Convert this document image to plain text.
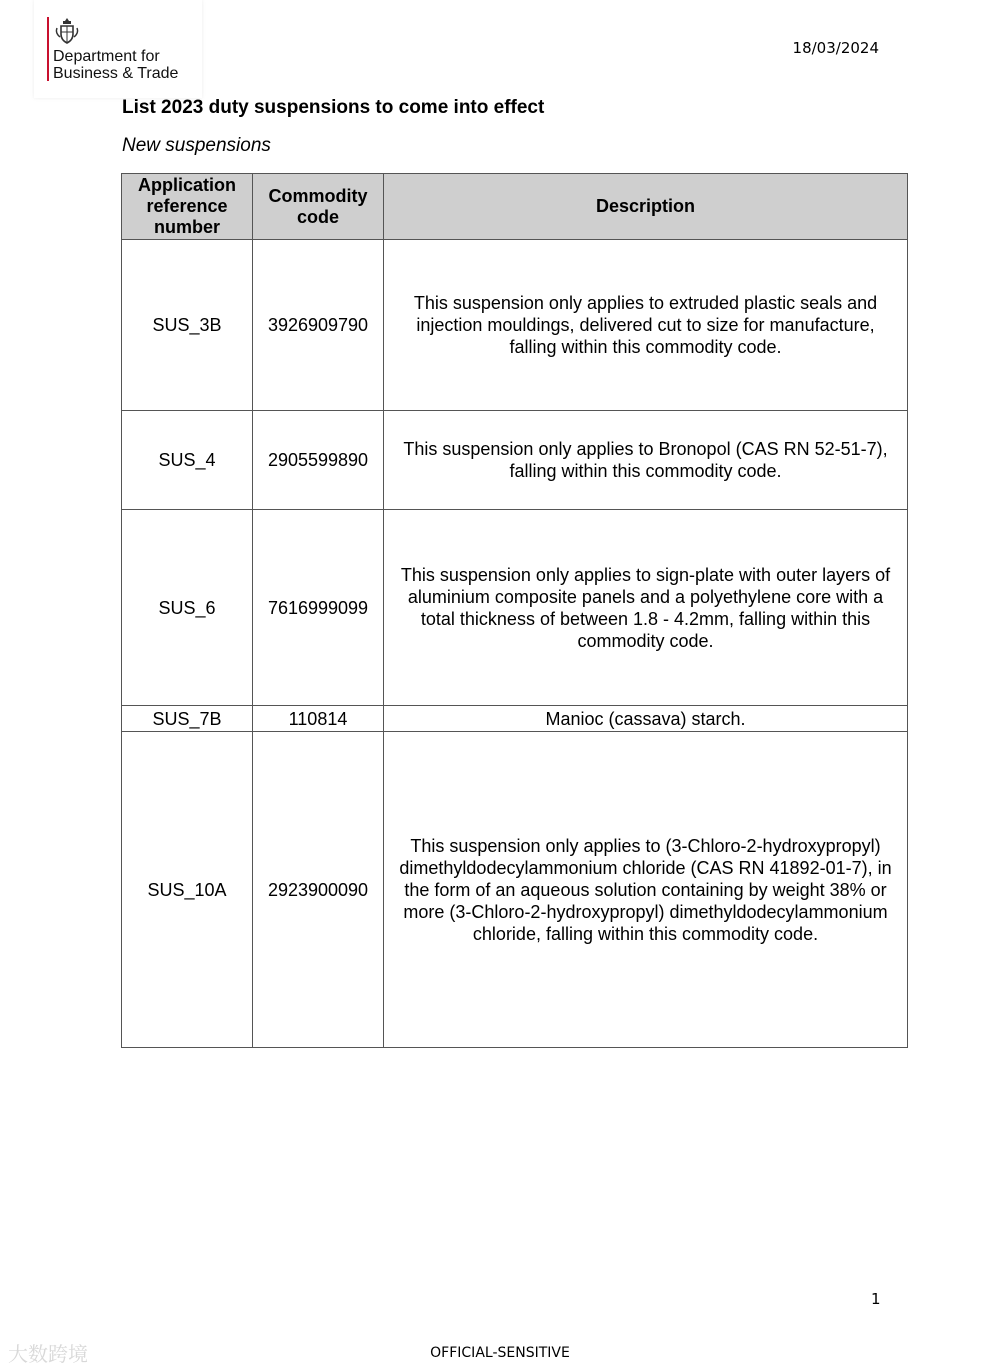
Department for
Business & Trade
18/03/2024
List 2023 duty suspensions to come into effect
New suspensions
Application reference number	Commodity code	Description
SUS_3B	3926909790	This suspension only applies to extruded plastic seals and injection mouldings, delivered cut to size for manufacture, falling within this commodity code.
SUS_4	2905599890	This suspension only applies to Bronopol (CAS RN 52-51-7), falling within this commodity code.
SUS_6	7616999099	This suspension only applies to sign-plate with outer layers of aluminium composite panels and a polyethylene core with a total thickness of between 1.8 - 4.2mm, falling within this commodity code.
SUS_7B	110814	Manioc (cassava) starch.
SUS_10A	2923900090	This suspension only applies to (3-Chloro-2-hydroxypropyl) dimethyldodecylammonium chloride (CAS RN 41892-01-7), in the form of an aqueous solution containing by weight 38% or more (3-Chloro-2-hydroxypropyl) dimethyldodecylammonium chloride, falling within this commodity code.
1
大数跨境	OFFICIAL-SENSITIVE
